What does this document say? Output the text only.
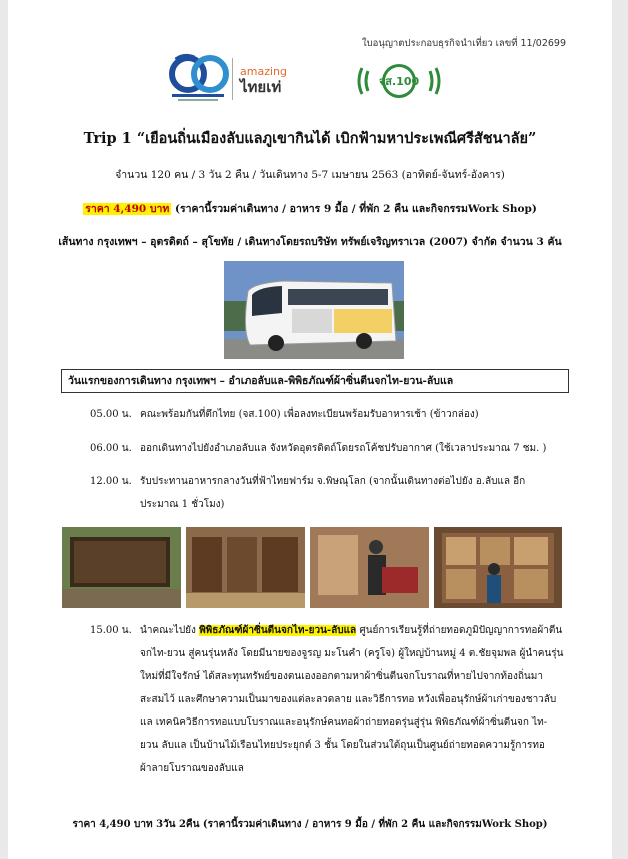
ใบอนุญาตประกอบธุรกิจนำเที่ยว เลขที่ 11/02699
amazing
ไทยเท่	จส.100
Trip 1 “เยือนถิ่นเมืองลับแลภูเขากินได้ เบิกฟ้ามหาประเพณีศรีสัชนาลัย”
จำนวน 120 คน / 3 วัน 2 คืน / วันเดินทาง 5-7 เมษายน 2563 (อาทิตย์-จันทร์-อังคาร)
ราคา 4,490 บาท (ราคานี้รวมค่าเดินทาง / อาหาร 9 มื้อ / ที่พัก 2 คืน และกิจกรรมWork Shop)
เส้นทาง กรุงเทพฯ – อุตรดิตถ์ – สุโขทัย / เดินทางโดยรถบริษัท ทรัพย์เจริญทราเวล (2007) จำกัด จำนวน 3 คัน
วันแรกของการเดินทาง กรุงเทพฯ – อำเภอลับแล-พิพิธภัณฑ์ผ้าซิ่นตีนจกไท-ยวน-ลับแล
05.00 น. คณะพร้อมกันที่ตึกไทย (จส.100) เพื่อลงทะเบียนพร้อมรับอาหารเช้า (ข้าวกล่อง)
06.00 น. ออกเดินทางไปยังอำเภอลับแล จังหวัดอุตรดิตถ์โดยรถโค้ชปรับอากาศ (ใช้เวลาประมาณ 7 ชม. )
12.00 น. รับประทานอาหารกลางวันที่ฟ้าไทยฟาร์ม จ.พิษณุโลก (จากนั้นเดินทางต่อไปยัง อ.ลับแล อีก
ประมาณ 1 ชั่วโมง)
15.00 น. นำคณะไปยัง พิพิธภัณฑ์ผ้าซิ่นตีนจกไท-ยวน-ลับแล ศูนย์การเรียนรู้ที่ถ่ายทอดภูมิปัญญาการทอผ้าตีน
จกไท-ยวน สู่คนรุ่นหลัง โดยมีนายของจูรญ มะโนคำ (ครูโจ) ผู้ใหญ่บ้านหมู่ 4 ต.ชัยจุมพล ผู้นำคนรุ่น
ใหม่ที่มีใจรักษ์ ได้สละทุนทรัพย์ของตนเองออกตามหาผ้าซิ่นตีนจกโบราณที่หายไปจากท้องถิ่นมา
สะสมไว้ และศึกษาความเป็นมาของแต่ละลวดลาย และวิธีการทอ หวังเพื่ออนุรักษ์ผ้าเก่าของชาวลับ
แล เทคนิควิธีการทอแบบโบราณและอนุรักษ์คนทอผ้าถ่ายทอดรุ่นสู่รุ่น พิพิธภัณฑ์ผ้าซิ่นตีนจก ไท-
ยวน ลับแล เป็นบ้านไม้เรือนไทยประยุกต์ 3 ชั้น โดยในส่วนใต้ถุนเป็นศูนย์ถ่ายทอดความรู้การทอ
ผ้าลายโบราณของลับแล
ราคา 4,490 บาท 3วัน 2คืน (ราคานี้รวมค่าเดินทาง / อาหาร 9 มื้อ / ที่พัก 2 คืน และกิจกรรมWork Shop)
